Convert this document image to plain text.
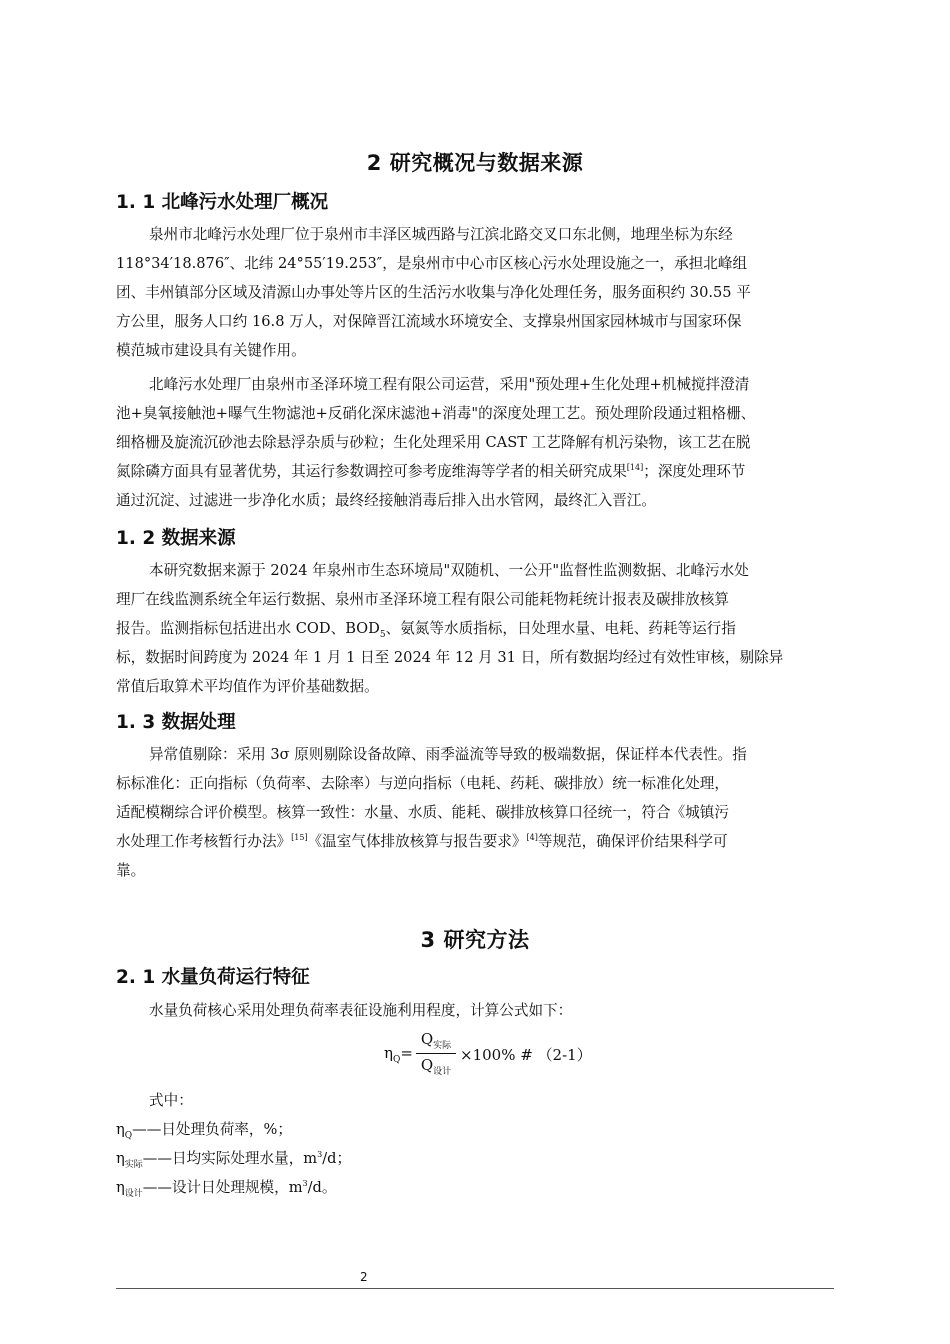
2 研究概况与数据来源
1. 1 北峰污水处理厂概况
泉州市北峰污水处理厂位于泉州市丰泽区城西路与江滨北路交叉口东北侧，地理坐标为东经
118°34′18.876″、北纬 24°55′19.253″，是泉州市中心市区核心污水处理设施之一，承担北峰组
团、丰州镇部分区域及清源山办事处等片区的生活污水收集与净化处理任务，服务面积约 30.55 平
方公里，服务人口约 16.8 万人，对保障晋江流域水环境安全、支撑泉州国家园林城市与国家环保
模范城市建设具有关键作用。
北峰污水处理厂由泉州市圣泽环境工程有限公司运营，采用"预处理+生化处理+机械搅拌澄清
池+臭氧接触池+曝气生物滤池+反硝化深床滤池+消毒"的深度处理工艺。预处理阶段通过粗格栅、
细格栅及旋流沉砂池去除悬浮杂质与砂粒；生化处理采用 CAST 工艺降解有机污染物，该工艺在脱
氮除磷方面具有显著优势，其运行参数调控可参考庞维海等学者的相关研究成果[14]；深度处理环节
通过沉淀、过滤进一步净化水质；最终经接触消毒后排入出水管网，最终汇入晋江。
1. 2 数据来源
本研究数据来源于 2024 年泉州市生态环境局"双随机、一公开"监督性监测数据、北峰污水处
理厂在线监测系统全年运行数据、泉州市圣泽环境工程有限公司能耗物耗统计报表及碳排放核算
报告。监测指标包括进出水 COD、$BOD_5$、氨氮等水质指标，日处理水量、电耗、药耗等运行指
标，数据时间跨度为 2024 年 1 月 1 日至 2024 年 12 月 31 日，所有数据均经过有效性审核，剔除异
常值后取算术平均值作为评价基础数据。
1. 3 数据处理
异常值剔除：采用 3σ 原则剔除设备故障、雨季溢流等导致的极端数据，保证样本代表性。指
标标准化：正向指标（负荷率、去除率）与逆向指标（电耗、药耗、碳排放）统一标准化处理，
适配模糊综合评价模型。核算一致性：水量、水质、能耗、碳排放核算口径统一，符合《城镇污
水处理工作考核暂行办法》[15]《温室气体排放核算与报告要求》[4]等规范，确保评价结果科学可
靠。
3 研究方法
2. 1 水量负荷运行特征
水量负荷核心采用处理负荷率表征设施利用程度，计算公式如下：
$\eta_Q=$
$Q_{实际}$
$Q_{设计}$
×100% # （2-1）
式中：
$\eta_Q——$日处理负荷率，%；
$\eta_{实际}——$日均实际处理水量，$m^3/d$；
$\eta_{设计}——$设计日处理规模，$m^3/d$。
2
